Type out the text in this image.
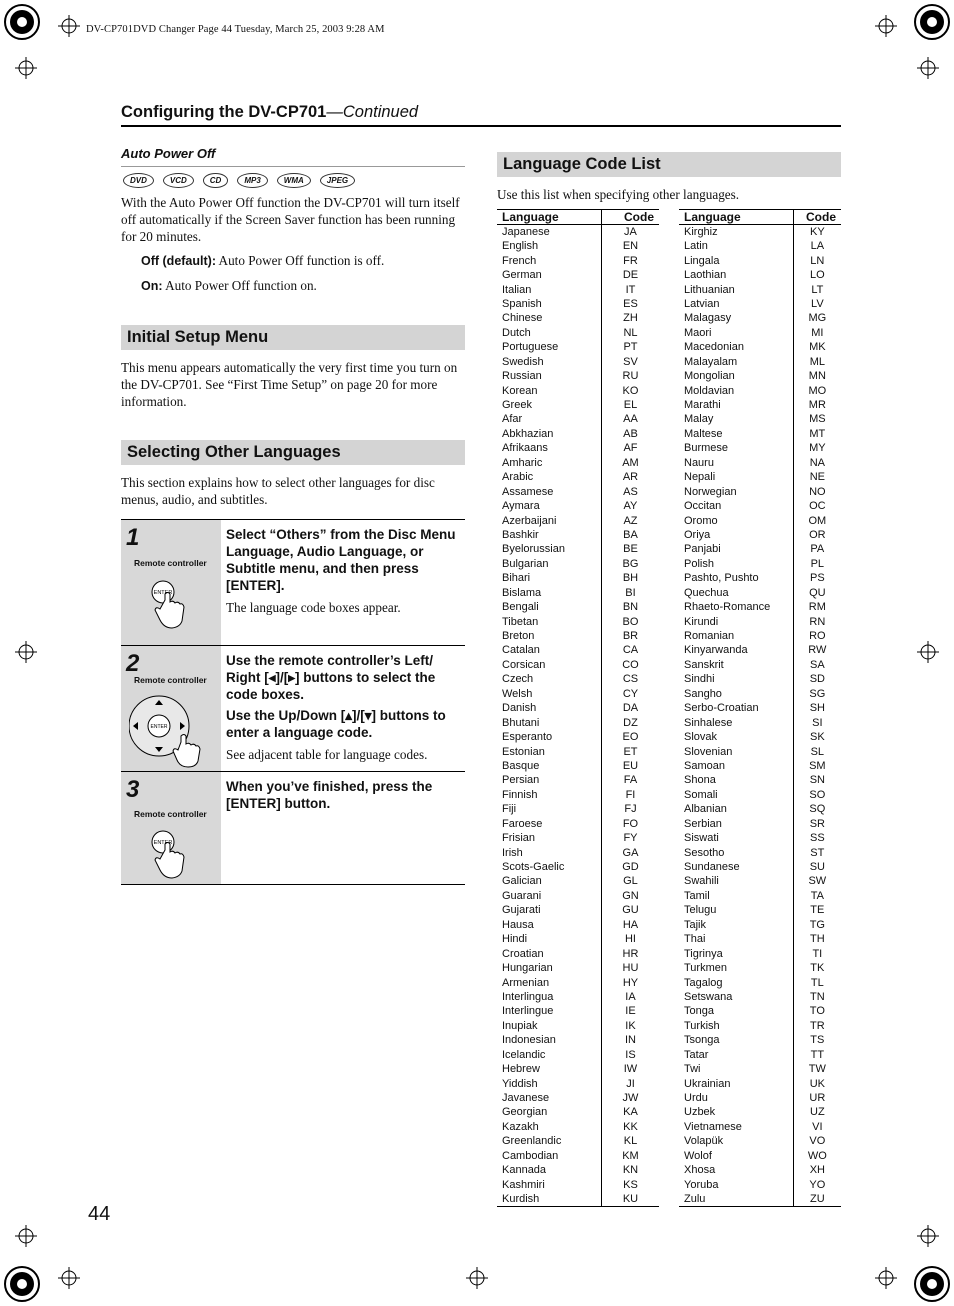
DV-CP701DVD Changer Page 44 Tuesday, March 25, 2003 9:28 AM
Configuring the DV-CP701—Continued
Auto Power Off
DVD	VCD	CD	MP3	WMA	JPEG

With the Auto Power Off function the DV-CP701 will turn itself off automatically if the Screen Saver function has been running for 20 minutes.

Off (default): Auto Power Off function is off.

On: Auto Power Off function on.

Initial Setup Menu

This menu appears automatically the very first time you turn on the DV-CP701. See “First Time Setup” on page 20 for more information.

Selecting Other Languages

This section explains how to select other languages for disc menus, audio, and subtitles.

1
Remote controller
ENTER
Select “Others” from the Disc Menu Language, Audio Language, or Subtitle menu, and then press [ENTER].
The language code boxes appear.
2
Remote controller
ENTER
Use the remote controller’s Left/ Right [◂]/[▸] buttons to select the code boxes.
Use the Up/Down [▴]/[▾] buttons to enter a language code.
See adjacent table for language codes.
3
Remote controller
ENTER
When you’ve finished, press the [ENTER] button.
Language Code List

Use this list when specifying other languages.

Language	Code
Japanese	JA
English	EN
French	FR
German	DE
Italian	IT
Spanish	ES
Chinese	ZH
Dutch	NL
Portuguese	PT
Swedish	SV
Russian	RU
Korean	KO
Greek	EL
Afar	AA
Abkhazian	AB
Afrikaans	AF
Amharic	AM
Arabic	AR
Assamese	AS
Aymara	AY
Azerbaijani	AZ
Bashkir	BA
Byelorussian	BE
Bulgarian	BG
Bihari	BH
Bislama	BI
Bengali	BN
Tibetan	BO
Breton	BR
Catalan	CA
Corsican	CO
Czech	CS
Welsh	CY
Danish	DA
Bhutani	DZ
Esperanto	EO
Estonian	ET
Basque	EU
Persian	FA
Finnish	FI
Fiji	FJ
Faroese	FO
Frisian	FY
Irish	GA
Scots-Gaelic	GD
Galician	GL
Guarani	GN
Gujarati	GU
Hausa	HA
Hindi	HI
Croatian	HR
Hungarian	HU
Armenian	HY
Interlingua	IA
Interlingue	IE
Inupiak	IK
Indonesian	IN
Icelandic	IS
Hebrew	IW
Yiddish	JI
Javanese	JW
Georgian	KA
Kazakh	KK
Greenlandic	KL
Cambodian	KM
Kannada	KN
Kashmiri	KS
Kurdish	KU
Language	Code
Kirghiz	KY
Latin	LA
Lingala	LN
Laothian	LO
Lithuanian	LT
Latvian	LV
Malagasy	MG
Maori	MI
Macedonian	MK
Malayalam	ML
Mongolian	MN
Moldavian	MO
Marathi	MR
Malay	MS
Maltese	MT
Burmese	MY
Nauru	NA
Nepali	NE
Norwegian	NO
Occitan	OC
Oromo	OM
Oriya	OR
Panjabi	PA
Polish	PL
Pashto, Pushto	PS
Quechua	QU
Rhaeto-Romance	RM
Kirundi	RN
Romanian	RO
Kinyarwanda	RW
Sanskrit	SA
Sindhi	SD
Sangho	SG
Serbo-Croatian	SH
Sinhalese	SI
Slovak	SK
Slovenian	SL
Samoan	SM
Shona	SN
Somali	SO
Albanian	SQ
Serbian	SR
Siswati	SS
Sesotho	ST
Sundanese	SU
Swahili	SW
Tamil	TA
Telugu	TE
Tajik	TG
Thai	TH
Tigrinya	TI
Turkmen	TK
Tagalog	TL
Setswana	TN
Tonga	TO
Turkish	TR
Tsonga	TS
Tatar	TT
Twi	TW
Ukrainian	UK
Urdu	UR
Uzbek	UZ
Vietnamese	VI
Volapük	VO
Wolof	WO
Xhosa	XH
Yoruba	YO
Zulu	ZU
44
